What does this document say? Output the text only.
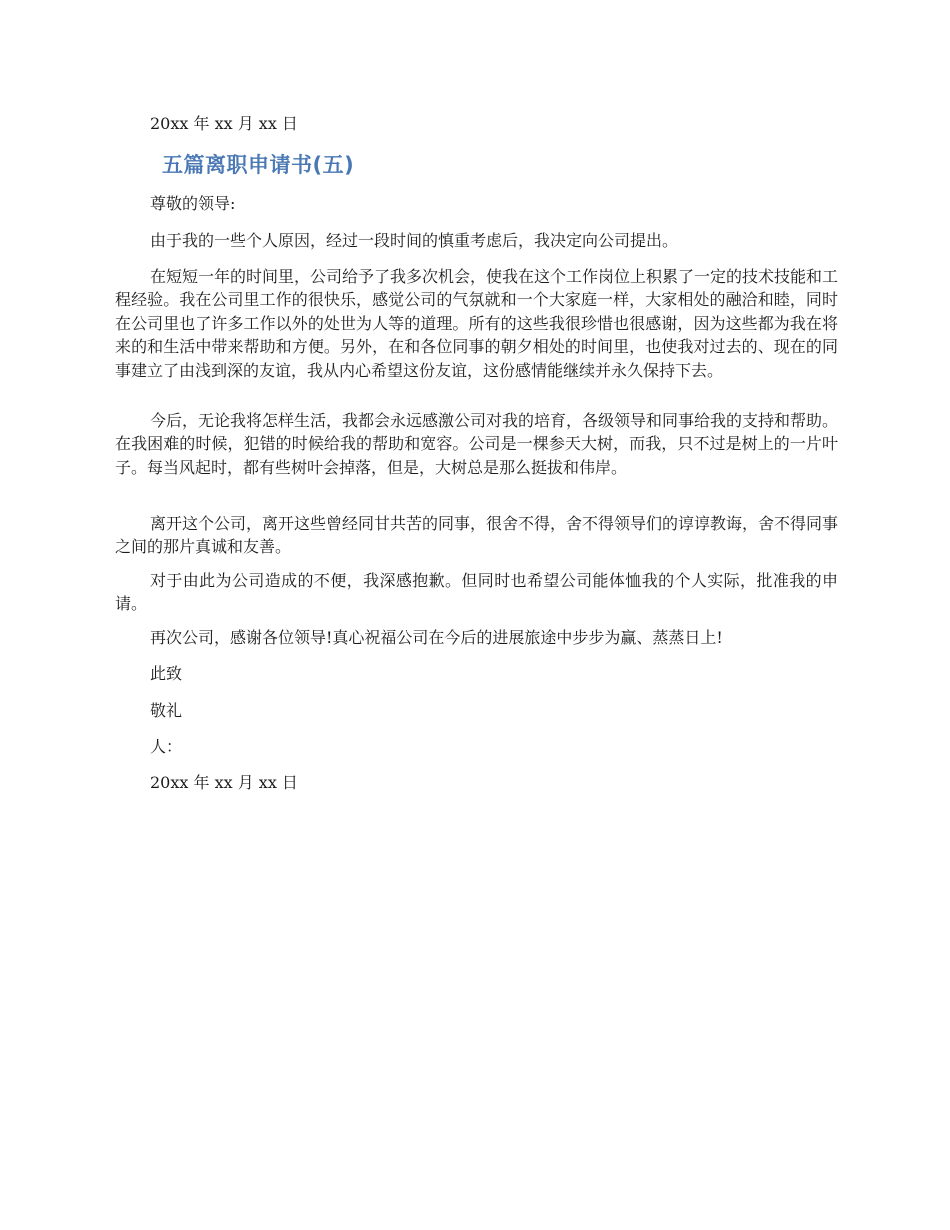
20xx 年 xx 月 xx 日
五篇离职申请书(五)
尊敬的领导:
由于我的一些个人原因，经过一段时间的慎重考虑后，我决定向公司提出。
在短短一年的时间里，公司给予了我多次机会，使我在这个工作岗位上积累了一定的技术技能和工程经验。我在公司里工作的很快乐，感觉公司的气氛就和一个大家庭一样，大家相处的融洽和睦，同时在公司里也了许多工作以外的处世为人等的道理。所有的这些我很珍惜也很感谢，因为这些都为我在将来的和生活中带来帮助和方便。另外，在和各位同事的朝夕相处的时间里，也使我对过去的、现在的同事建立了由浅到深的友谊，我从内心希望这份友谊，这份感情能继续并永久保持下去。
今后，无论我将怎样生活，我都会永远感激公司对我的培育，各级领导和同事给我的支持和帮助。在我困难的时候，犯错的时候给我的帮助和宽容。公司是一棵参天大树，而我，只不过是树上的一片叶子。每当风起时，都有些树叶会掉落，但是，大树总是那么挺拔和伟岸。
离开这个公司，离开这些曾经同甘共苦的同事，很舍不得，舍不得领导们的谆谆教诲，舍不得同事之间的那片真诚和友善。
对于由此为公司造成的不便，我深感抱歉。但同时也希望公司能体恤我的个人实际，批准我的申请。
再次公司，感谢各位领导!真心祝福公司在今后的进展旅途中步步为赢、蒸蒸日上!
此致
敬礼
人：
20xx 年 xx 月 xx 日
